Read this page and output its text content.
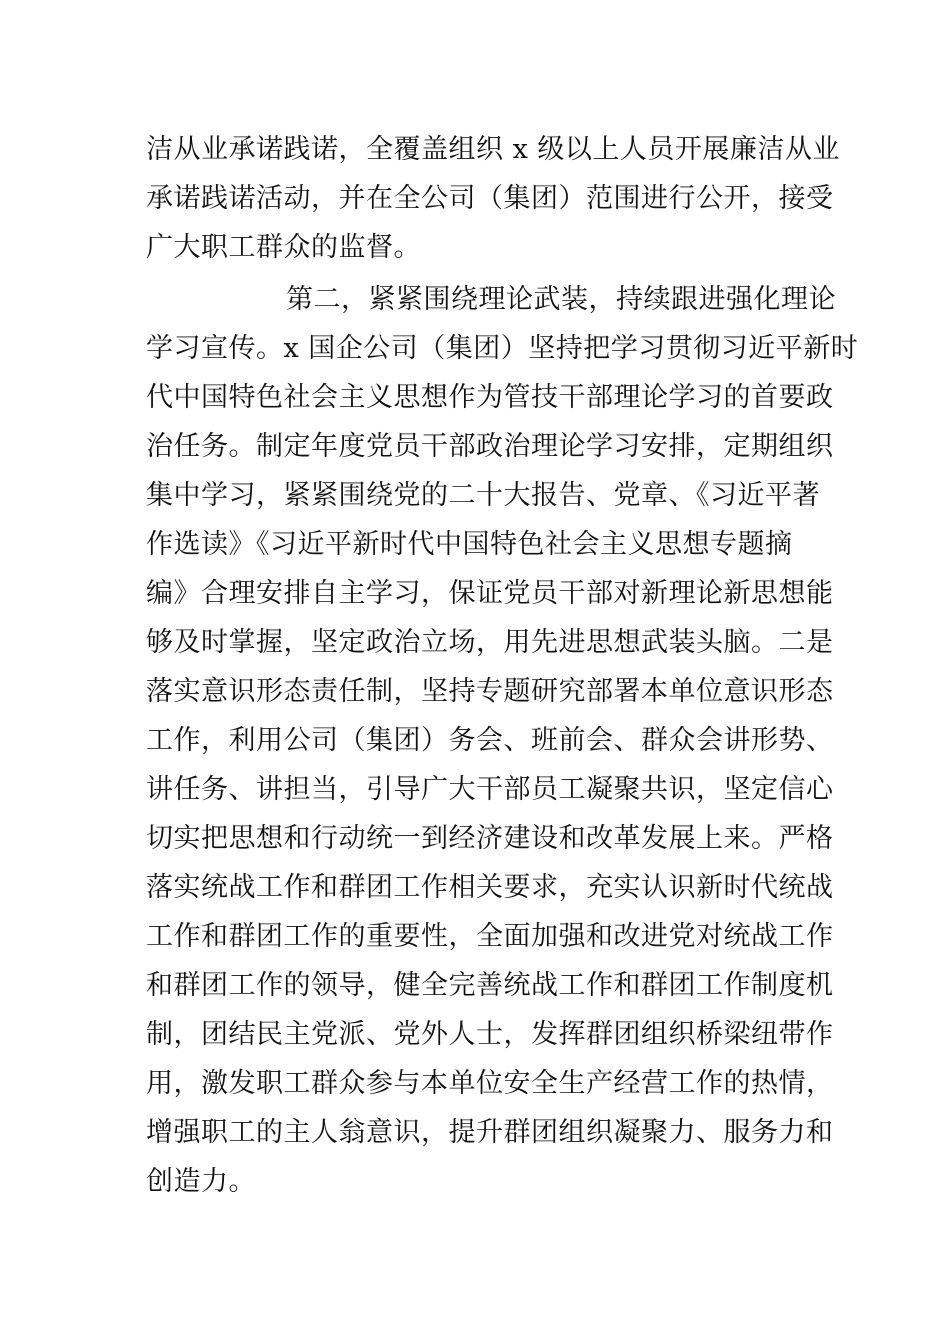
洁从业承诺践诺，全覆盖组织 x 级以上人员开展廉洁从业
承诺践诺活动，并在全公司（集团）范围进行公开，接受
广大职工群众的监督。
第二，紧紧围绕理论武装，持续跟进强化理论
学习宣传。x 国企公司（集团）坚持把学习贯彻习近平新时
代中国特色社会主义思想作为管技干部理论学习的首要政
治任务。制定年度党员干部政治理论学习安排，定期组织
集中学习，紧紧围绕党的二十大报告、党章、《习近平著
作选读》《习近平新时代中国特色社会主义思想专题摘
编》合理安排自主学习，保证党员干部对新理论新思想能
够及时掌握，坚定政治立场，用先进思想武装头脑。二是
落实意识形态责任制，坚持专题研究部署本单位意识形态
工作，利用公司（集团）务会、班前会、群众会讲形势、
讲任务、讲担当，引导广大干部员工凝聚共识，坚定信心
切实把思想和行动统一到经济建设和改革发展上来。严格
落实统战工作和群团工作相关要求，充实认识新时代统战
工作和群团工作的重要性，全面加强和改进党对统战工作
和群团工作的领导，健全完善统战工作和群团工作制度机
制，团结民主党派、党外人士，发挥群团组织桥梁纽带作
用，激发职工群众参与本单位安全生产经营工作的热情，
增强职工的主人翁意识，提升群团组织凝聚力、服务力和
创造力。
